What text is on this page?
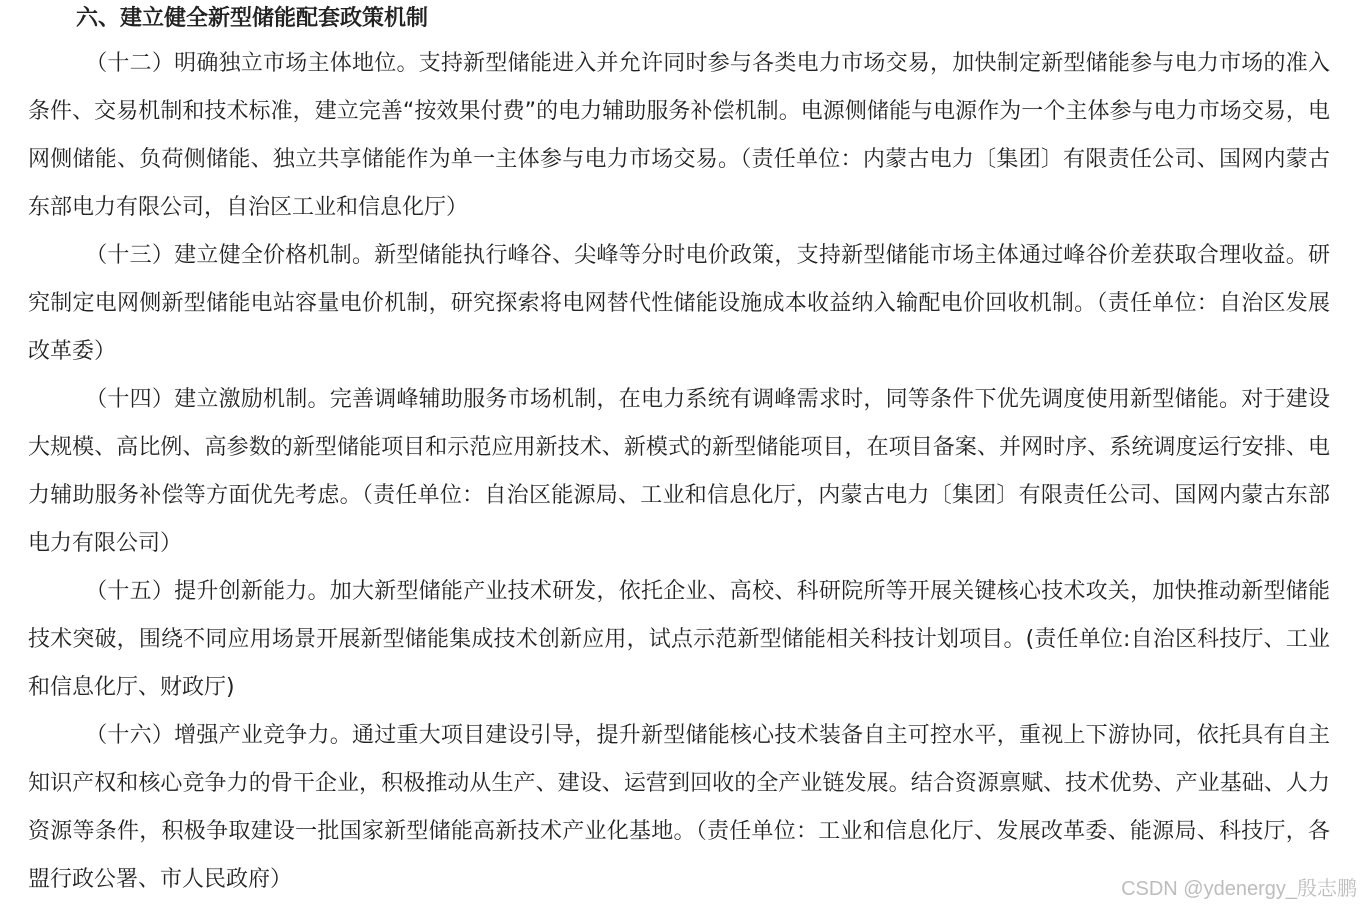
六、建立健全新型储能配套政策机制

（十二）明确独立市场主体地位。支持新型储能进入并允许同时参与各类电力市场交易，加快制定新型储能参与电力市场的准入条件、交易机制和技术标准，建立完善“按效果付费”的电力辅助服务补偿机制。电源侧储能与电源作为一个主体参与电力市场交易，电网侧储能、负荷侧储能、独立共享储能作为单一主体参与电力市场交易。（责任单位：内蒙古电力〔集团〕有限责任公司、国网内蒙古东部电力有限公司，自治区工业和信息化厅）

（十三）建立健全价格机制。新型储能执行峰谷、尖峰等分时电价政策，支持新型储能市场主体通过峰谷价差获取合理收益。研究制定电网侧新型储能电站容量电价机制，研究探索将电网替代性储能设施成本收益纳入输配电价回收机制。（责任单位：自治区发展改革委）

（十四）建立激励机制。完善调峰辅助服务市场机制，在电力系统有调峰需求时，同等条件下优先调度使用新型储能。对于建设大规模、高比例、高参数的新型储能项目和示范应用新技术、新模式的新型储能项目，在项目备案、并网时序、系统调度运行安排、电力辅助服务补偿等方面优先考虑。（责任单位：自治区能源局、工业和信息化厅，内蒙古电力〔集团〕有限责任公司、国网内蒙古东部电力有限公司）

（十五）提升创新能力。加大新型储能产业技术研发，依托企业、高校、科研院所等开展关键核心技术攻关，加快推动新型储能技术突破，围绕不同应用场景开展新型储能集成技术创新应用，试点示范新型储能相关科技计划项目。(责任单位:自治区科技厅、工业和信息化厅、财政厅)

（十六）增强产业竞争力。通过重大项目建设引导，提升新型储能核心技术装备自主可控水平，重视上下游协同，依托具有自主知识产权和核心竞争力的骨干企业，积极推动从生产、建设、运营到回收的全产业链发展。结合资源禀赋、技术优势、产业基础、人力资源等条件，积极争取建设一批国家新型储能高新技术产业化基地。（责任单位：工业和信息化厅、发展改革委、能源局、科技厅，各盟行政公署、市人民政府）	CSDN @ydenergy_殷志鹏
